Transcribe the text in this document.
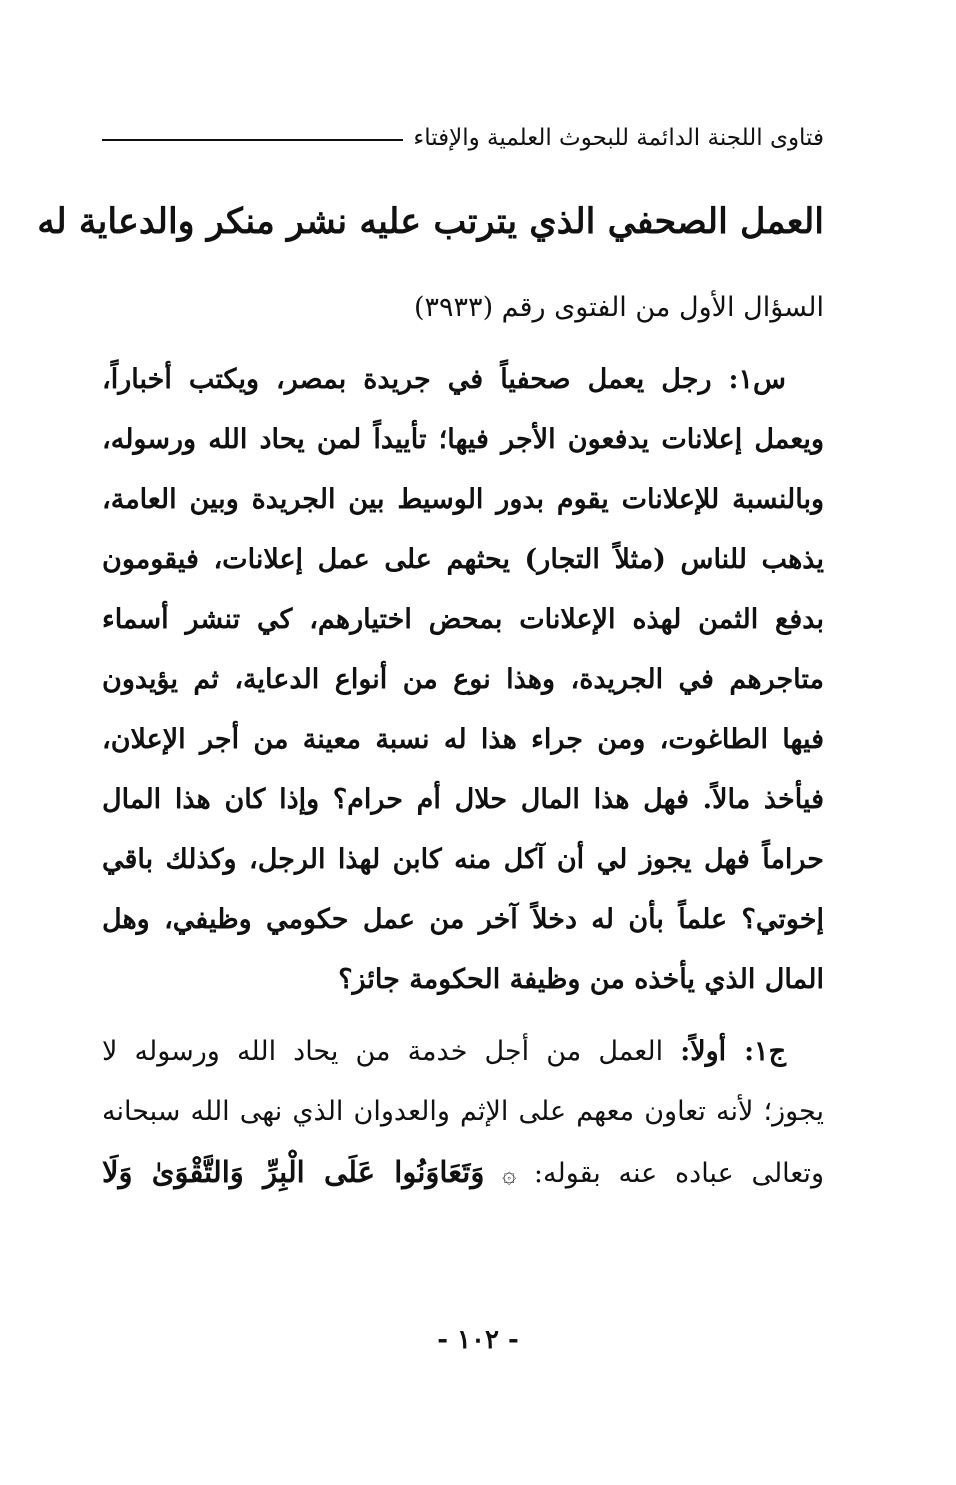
فتاوى اللجنة الدائمة للبحوث العلمية والإفتاء
العمل الصحفي الذي يترتب عليه نشر منكر والدعاية له
السؤال الأول من الفتوى رقم (٣٩٣٣)
س١: رجل يعمل صحفياً في جريدة بمصر، ويكتب أخباراً،
ويعمل إعلانات يدفعون الأجر فيها؛ تأييداً لمن يحاد الله ورسوله،
وبالنسبة للإعلانات يقوم بدور الوسيط بين الجريدة وبين العامة،
يذهب للناس (مثلاً التجار) يحثهم على عمل إعلانات، فيقومون
بدفع الثمن لهذه الإعلانات بمحض اختيارهم، كي تنشر أسماء
متاجرهم في الجريدة، وهذا نوع من أنواع الدعاية، ثم يؤيدون
فيها الطاغوت، ومن جراء هذا له نسبة معينة من أجر الإعلان،
فيأخذ مالاً. فهل هذا المال حلال أم حرام؟ وإذا كان هذا المال
حراماً فهل يجوز لي أن آكل منه كابن لهذا الرجل، وكذلك باقي
إخوتي؟ علماً بأن له دخلاً آخر من عمل حكومي وظيفي، وهل
المال الذي يأخذه من وظيفة الحكومة جائز؟
ج١: أولاً: العمل من أجل خدمة من يحاد الله ورسوله لا
يجوز؛ لأنه تعاون معهم على الإثم والعدوان الذي نهى الله سبحانه
وتعالى عباده عنه بقوله: ۞ وَتَعَاوَنُوا عَلَى الْبِرِّ وَالتَّقْوَىٰ وَلَا
- ١٠٢ -
